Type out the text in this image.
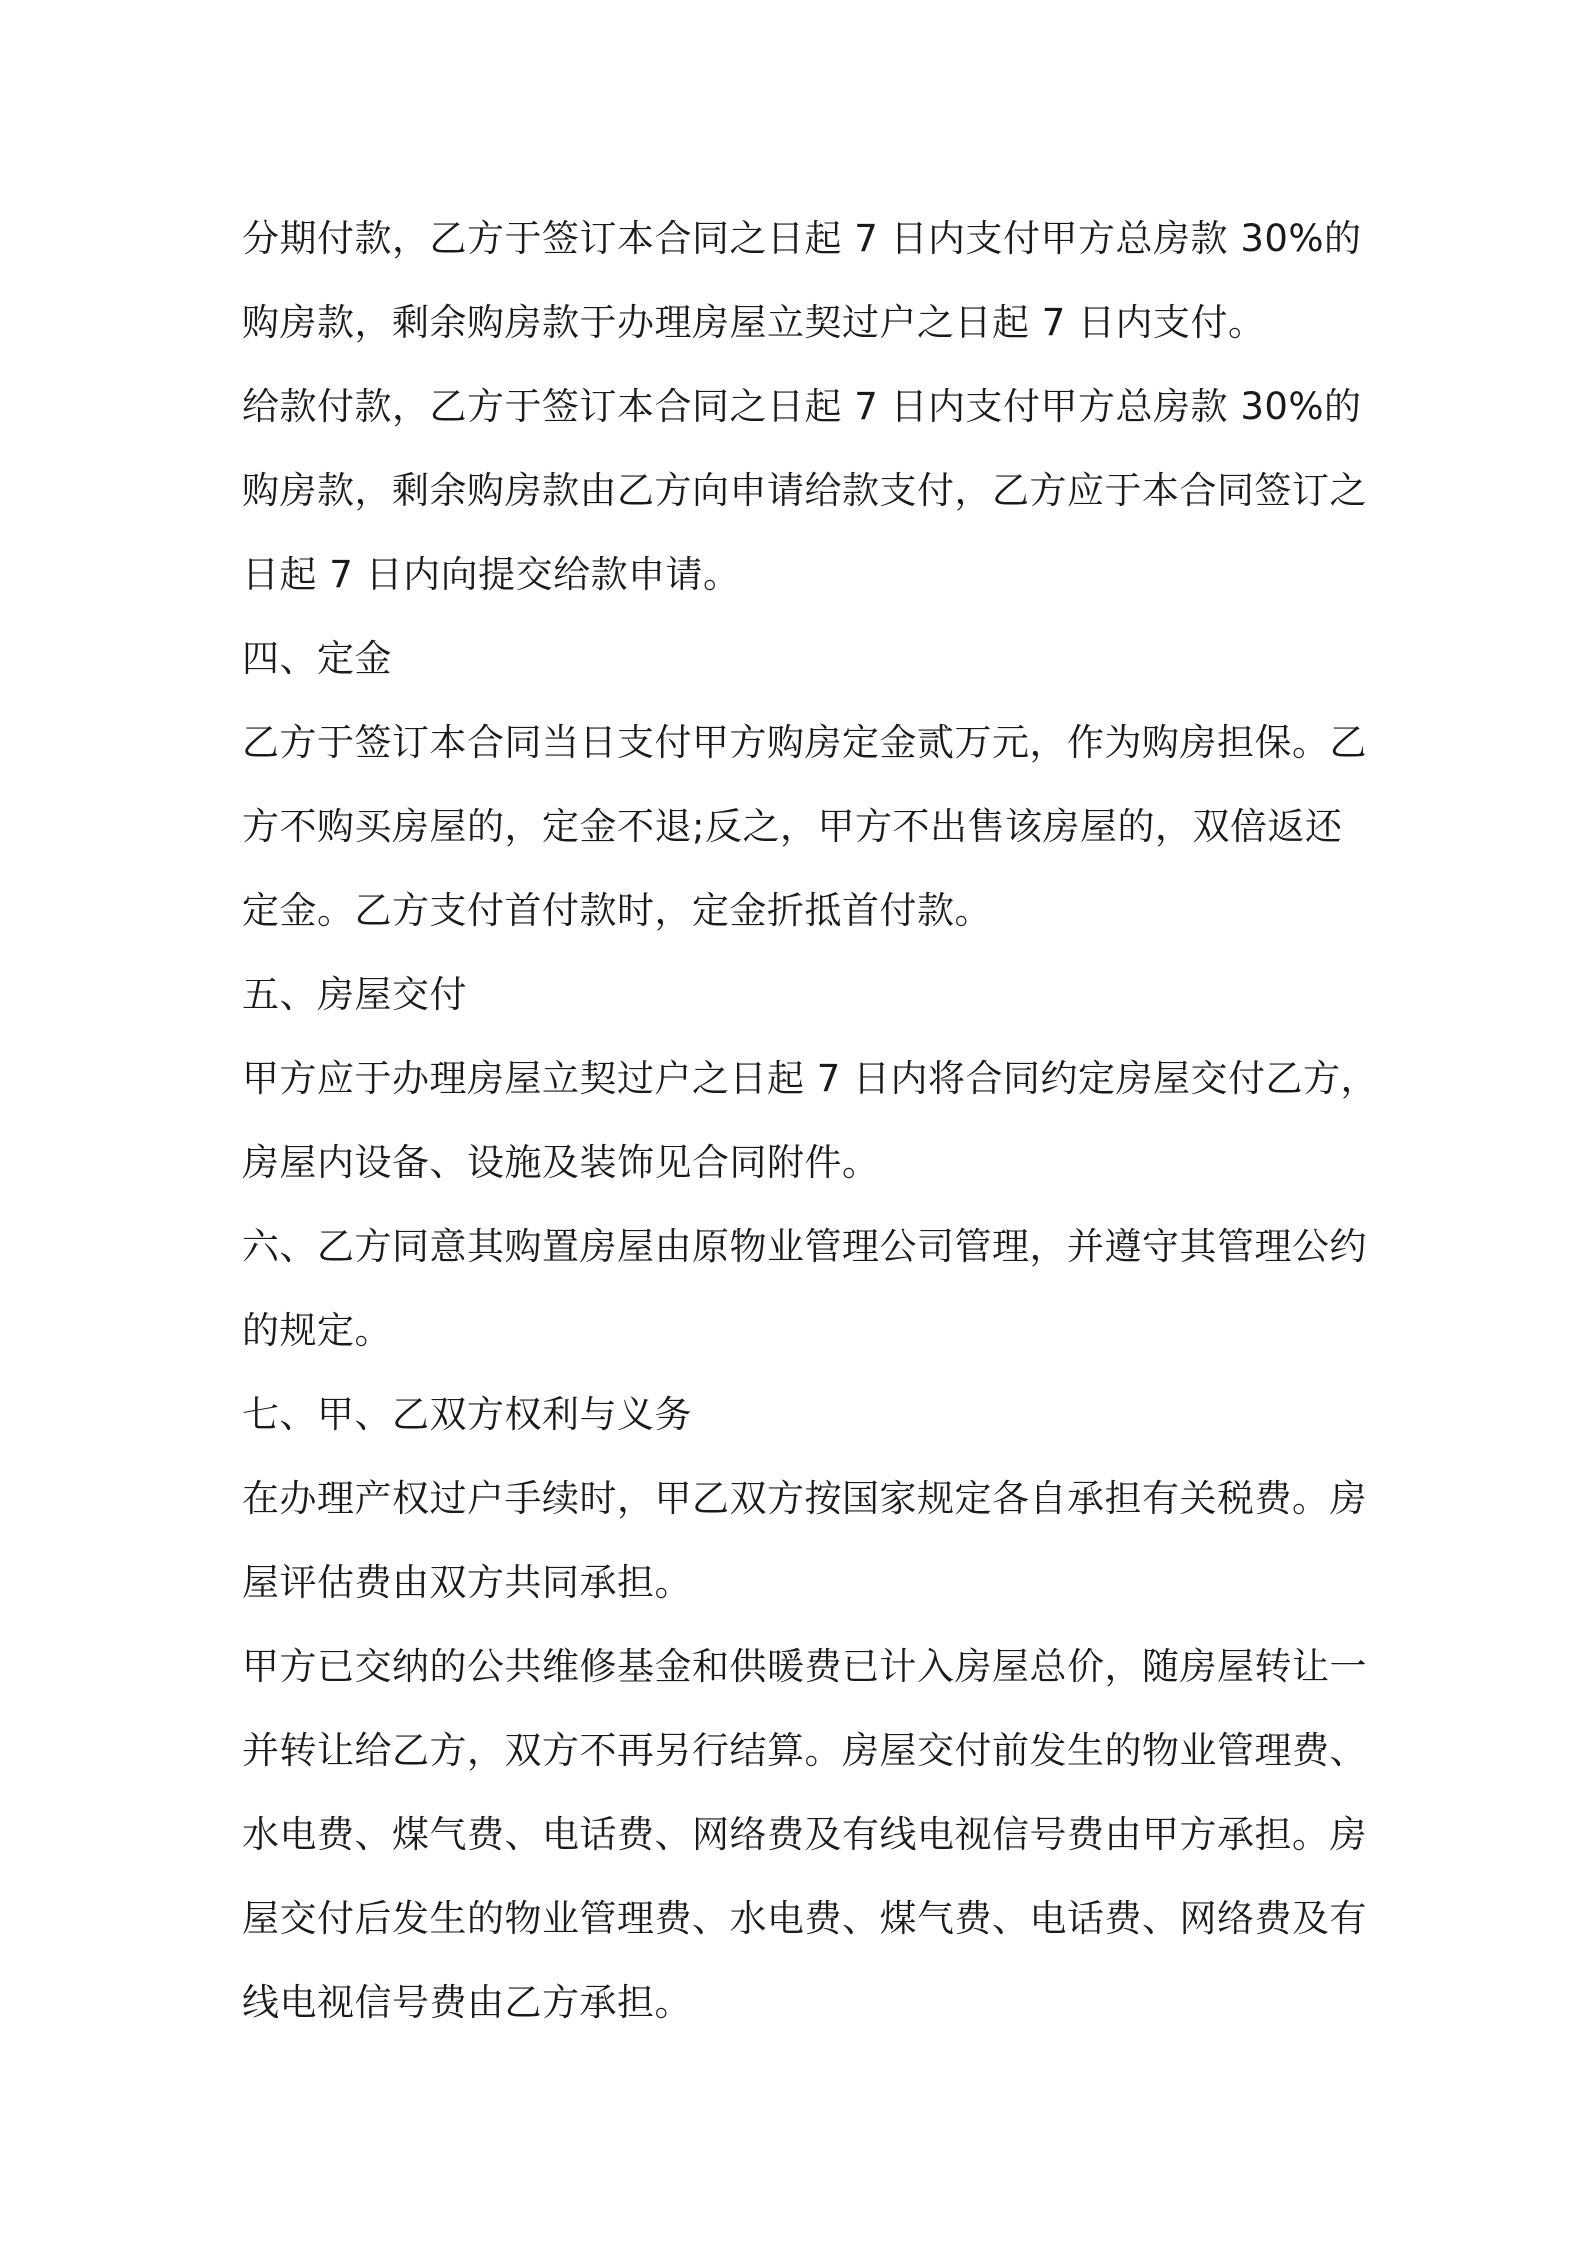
分期付款，乙方于签订本合同之日起 7 日内支付甲方总房款 30%的
购房款，剩余购房款于办理房屋立契过户之日起 7 日内支付。
给款付款，乙方于签订本合同之日起 7 日内支付甲方总房款 30%的
购房款，剩余购房款由乙方向申请给款支付，乙方应于本合同签订之
日起 7 日内向提交给款申请。
四、定金
乙方于签订本合同当日支付甲方购房定金贰万元，作为购房担保。乙
方不购买房屋的，定金不退;反之，甲方不出售该房屋的，双倍返还
定金。乙方支付首付款时，定金折抵首付款。
五、房屋交付
甲方应于办理房屋立契过户之日起 7 日内将合同约定房屋交付乙方，
房屋内设备、设施及装饰见合同附件。
六、乙方同意其购置房屋由原物业管理公司管理，并遵守其管理公约
的规定。
七、甲、乙双方权利与义务
在办理产权过户手续时，甲乙双方按国家规定各自承担有关税费。房
屋评估费由双方共同承担。
甲方已交纳的公共维修基金和供暖费已计入房屋总价，随房屋转让一
并转让给乙方，双方不再另行结算。房屋交付前发生的物业管理费、
水电费、煤气费、电话费、网络费及有线电视信号费由甲方承担。房
屋交付后发生的物业管理费、水电费、煤气费、电话费、网络费及有
线电视信号费由乙方承担。
